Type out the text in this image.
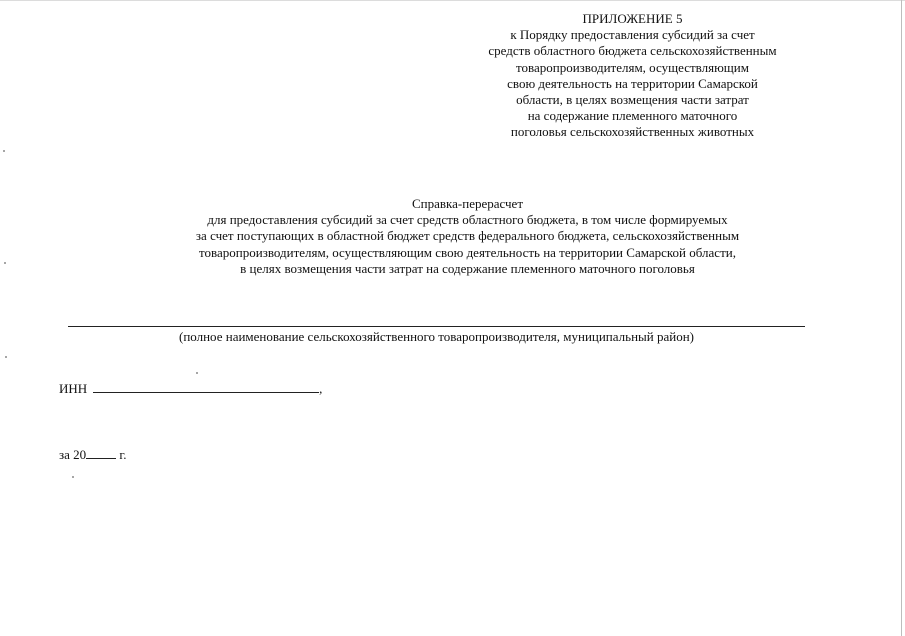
ПРИЛОЖЕНИЕ 5
к Порядку предоставления субсидий за счет
средств областного бюджета сельскохозяйственным
товаропроизводителям, осуществляющим
свою деятельность на территории Самарской
области, в целях возмещения части затрат
на содержание племенного маточного
поголовья сельскохозяйственных животных
Справка-перерасчет
для предоставления субсидий за счет средств областного бюджета, в том числе формируемых
за счет поступающих в областной бюджет средств федерального бюджета, сельскохозяйственным
товаропроизводителям, осуществляющим свою деятельность на территории Самарской области,
в целях возмещения части затрат на содержание племенного маточного поголовья
(полное наименование сельскохозяйственного товаропроизводителя, муниципальный район)
ИНН	,
за 20	г.
